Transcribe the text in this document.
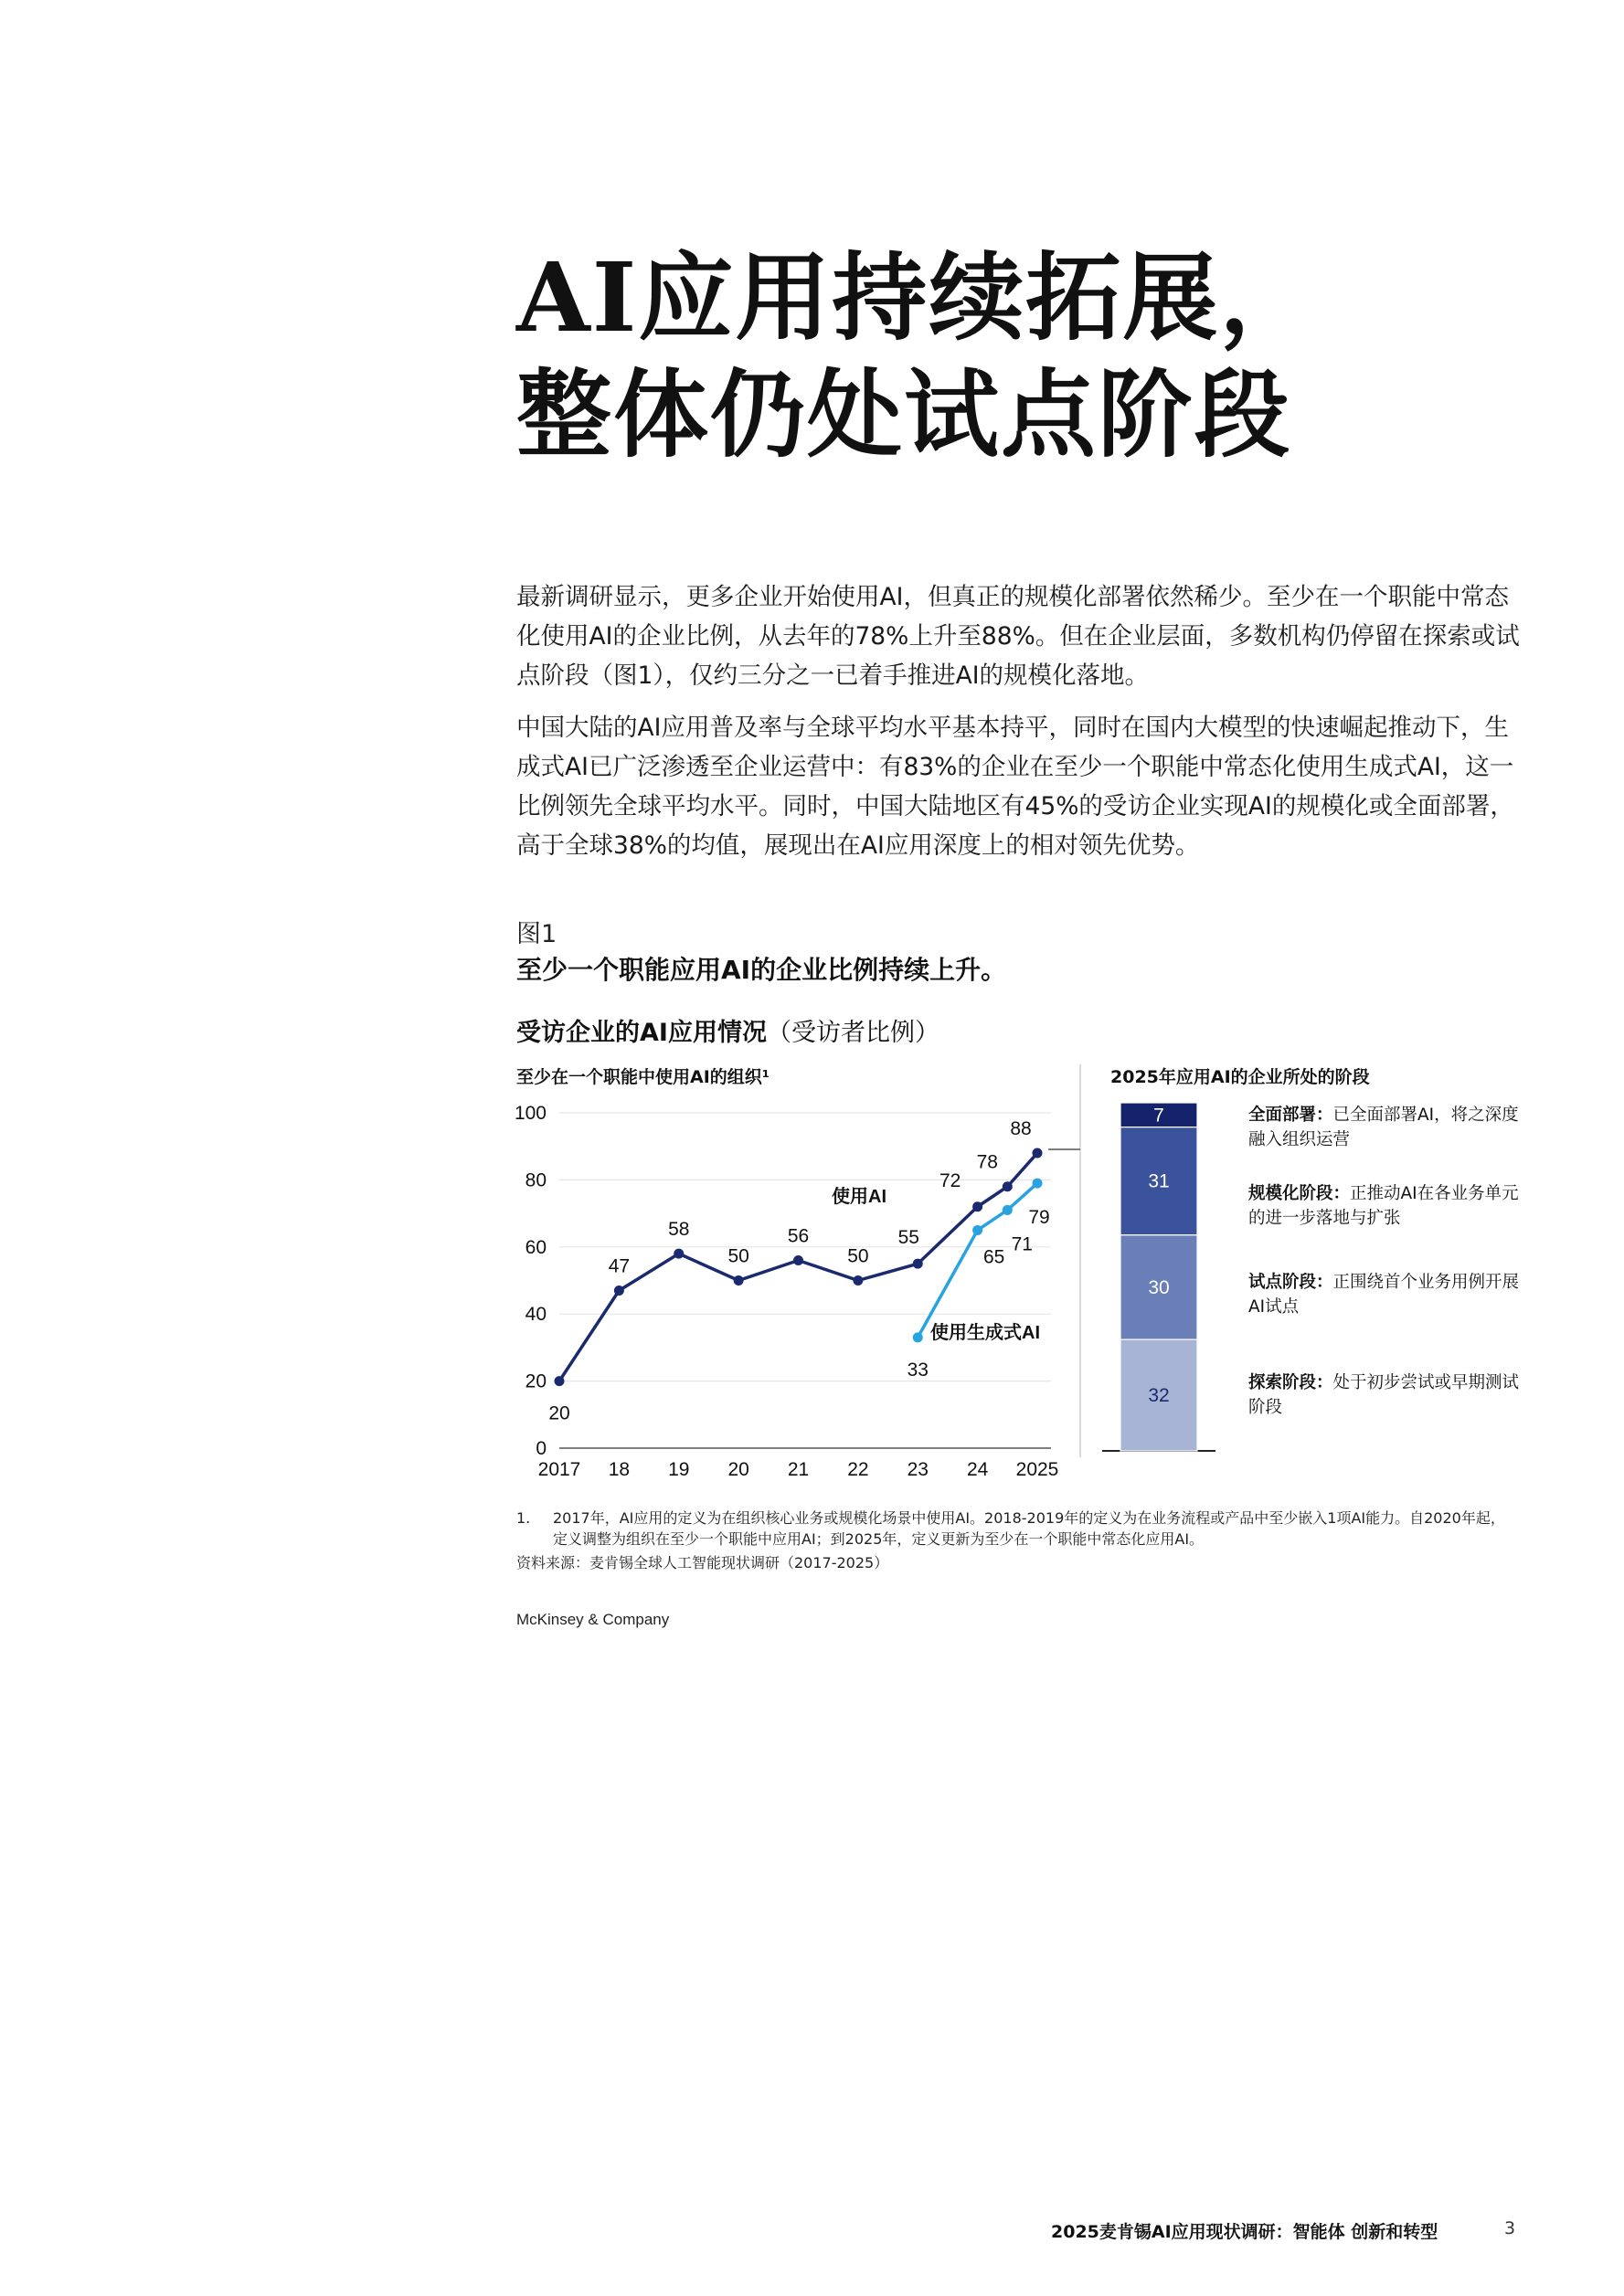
AI应用持续拓展，
整体仍处试点阶段
最新调研显示，更多企业开始使用AI，但真正的规模化部署依然稀少。至少在一个职能中常态化使用AI的企业比例，从去年的78%上升至88%。但在企业层面，多数机构仍停留在探索或试点阶段（图1），仅约三分之一已着手推进AI的规模化落地。
中国大陆的AI应用普及率与全球平均水平基本持平，同时在国内大模型的快速崛起推动下，生成式AI已广泛渗透至企业运营中：有83%的企业在至少一个职能中常态化使用生成式AI，这一比例领先全球平均水平。同时，中国大陆地区有45%的受访企业实现AI的规模化或全面部署，高于全球38%的均值，展现出在AI应用深度上的相对领先优势。
图1
至少一个职能应用AI的企业比例持续上升。
受访企业的AI应用情况（受访者比例）
至少在一个职能中使用AI的组织¹	2025年应用AI的企业所处的阶段
0
20
40
60
80
100
2017 18 19 20 21 22 23 24 2025
20
47
58
50
56
50
55
72
78
88
33
65
71
79
使用AI
使用生成式AI
7
31
30
32
全面部署：已全面部署AI，将之深度融入组织运营
规模化阶段：正推动AI在各业务单元的进一步落地与扩张
试点阶段：正围绕首个业务用例开展AI试点
探索阶段：处于初步尝试或早期测试阶段
1. 2017年，AI应用的定义为在组织核心业务或规模化场景中使用AI。2018-2019年的定义为在业务流程或产品中至少嵌入1项AI能力。自2020年起，定义调整为组织在至少一个职能中应用AI；到2025年，定义更新为至少在一个职能中常态化应用AI。
资料来源：麦肯锡全球人工智能现状调研（2017-2025）
McKinsey & Company
2025麦肯锡AI应用现状调研：智能体 创新和转型	3
